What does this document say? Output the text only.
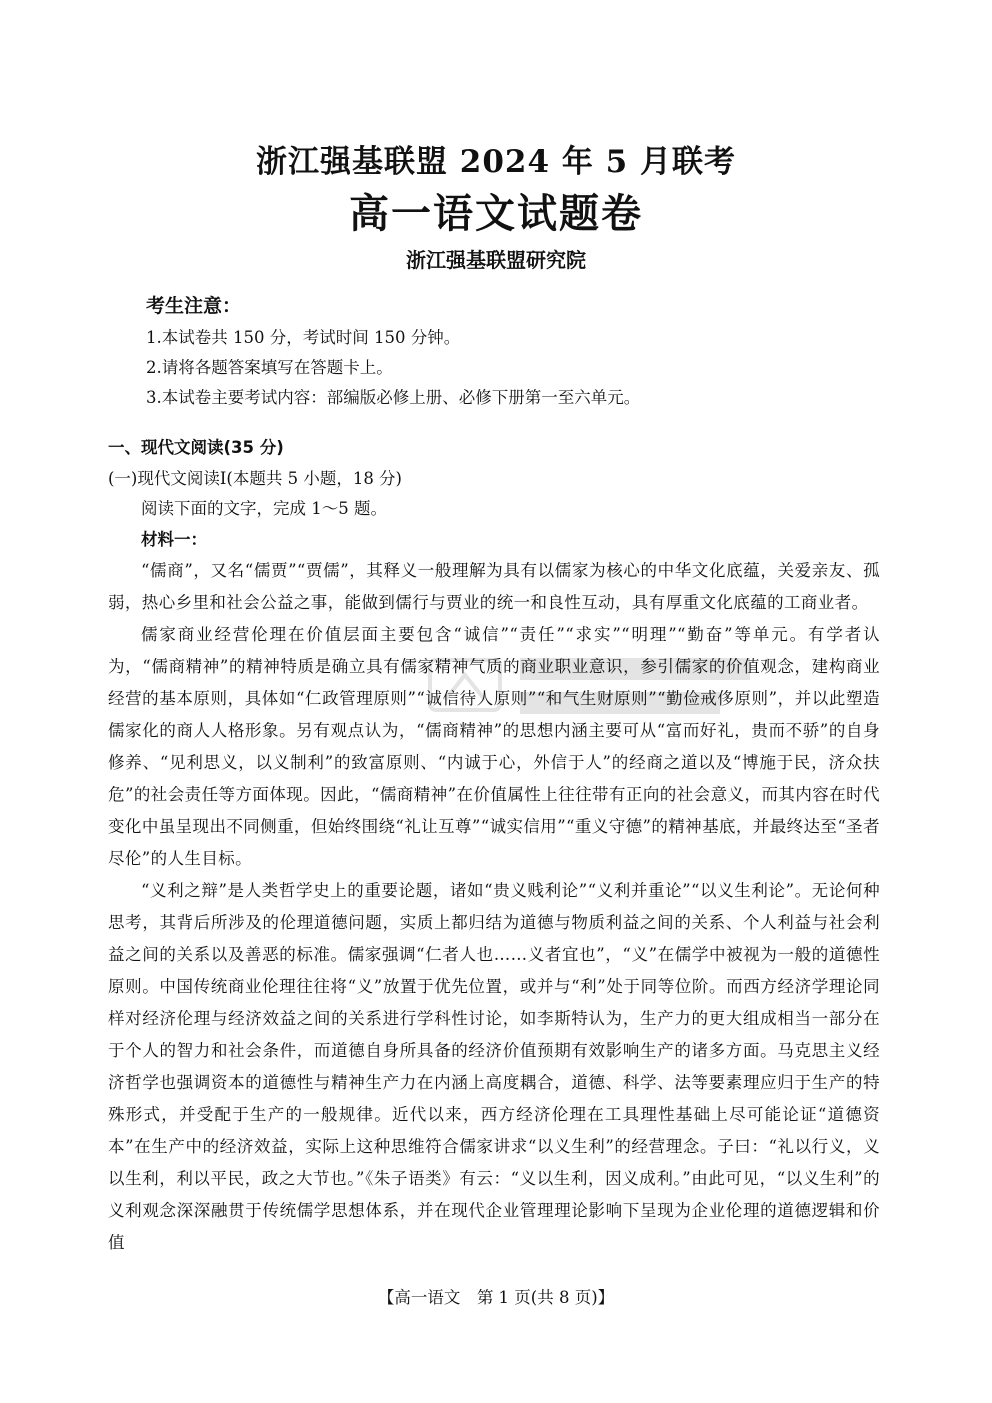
浙江强基联盟 2024 年 5 月联考
高一语文试题卷
浙江强基联盟研究院
考生注意：
1.本试卷共 150 分，考试时间 150 分钟。
2.请将各题答案填写在答题卡上。
3.本试卷主要考试内容：部编版必修上册、必修下册第一至六单元。
一、现代文阅读(35 分)
(一)现代文阅读Ⅰ(本题共 5 小题，18 分)
阅读下面的文字，完成 1～5 题。
材料一：

“儒商”，又名“儒贾”“贾儒”，其释义一般理解为具有以儒家为核心的中华文化底蕴，关爱亲友、孤弱，热心乡里和社会公益之事，能做到儒行与贾业的统一和良性互动，具有厚重文化底蕴的工商业者。

儒家商业经营伦理在价值层面主要包含“诚信”“责任”“求实”“明理”“勤奋”等单元。有学者认为，“儒商精神”的精神特质是确立具有儒家精神气质的商业职业意识，参引儒家的价值观念，建构商业经营的基本原则，具体如“仁政管理原则”“诚信待人原则”“和气生财原则”“勤俭戒侈原则”，并以此塑造儒家化的商人人格形象。另有观点认为，“儒商精神”的思想内涵主要可从“富而好礼，贵而不骄”的自身修养、“见利思义，以义制利”的致富原则、“内诚于心，外信于人”的经商之道以及“博施于民，济众扶危”的社会责任等方面体现。因此，“儒商精神”在价值属性上往往带有正向的社会意义，而其内容在时代变化中虽呈现出不同侧重，但始终围绕“礼让互尊”“诚实信用”“重义守德”的精神基底，并最终达至“圣者尽伦”的人生目标。

“义利之辩”是人类哲学史上的重要论题，诸如“贵义贱利论”“义利并重论”“以义生利论”。无论何种思考，其背后所涉及的伦理道德问题，实质上都归结为道德与物质利益之间的关系、个人利益与社会利益之间的关系以及善恶的标准。儒家强调“仁者人也……义者宜也”，“义”在儒学中被视为一般的道德性原则。中国传统商业伦理往往将“义”放置于优先位置，或并与“利”处于同等位阶。而西方经济学理论同样对经济伦理与经济效益之间的关系进行学科性讨论，如李斯特认为，生产力的更大组成相当一部分在于个人的智力和社会条件，而道德自身所具备的经济价值预期有效影响生产的诸多方面。马克思主义经济哲学也强调资本的道德性与精神生产力在内涵上高度耦合，道德、科学、法等要素理应归于生产的特殊形式，并受配于生产的一般规律。近代以来，西方经济伦理在工具理性基础上尽可能论证“道德资本”在生产中的经济效益，实际上这种思维符合儒家讲求“以义生利”的经营理念。子曰：“礼以行义，义以生利，利以平民，政之大节也。”《朱子语类》有云：“义以生利，因义成利。”由此可见，“以义生利”的义利观念深深融贯于传统儒学思想体系，并在现代企业管理理论影响下呈现为企业伦理的道德逻辑和价值

【高一语文　第 1 页(共 8 页)】
